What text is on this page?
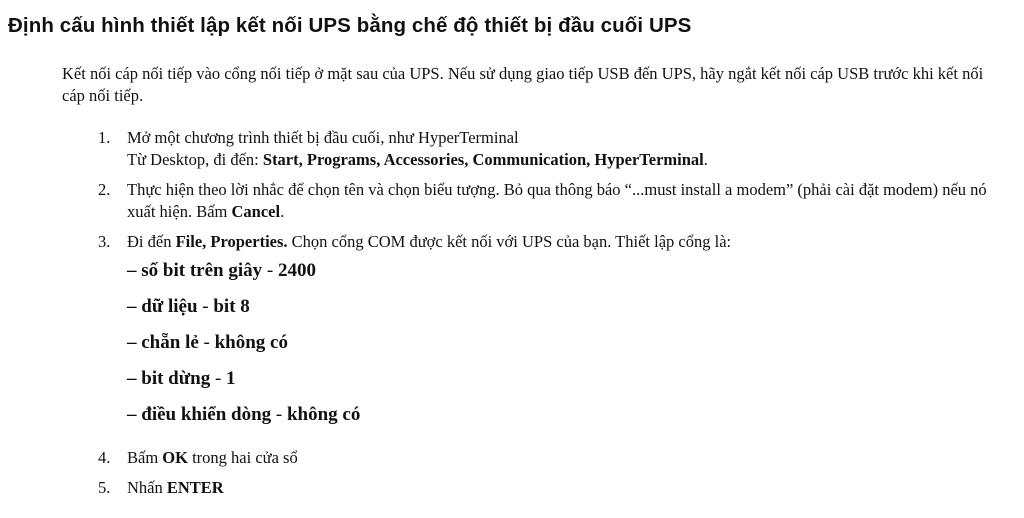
Định cấu hình thiết lập kết nối UPS bằng chế độ thiết bị đầu cuối UPS

Kết nối cáp nối tiếp vào cổng nối tiếp ở mặt sau của UPS. Nếu sử dụng giao tiếp USB đến UPS, hãy ngắt kết nối cáp USB trước khi kết nối cáp nối tiếp.

1.	Mở một chương trình thiết bị đầu cuối, như HyperTerminal
Từ Desktop, đi đến: Start, Programs, Accessories, Communication, HyperTerminal.
2.	Thực hiện theo lời nhắc để chọn tên và chọn biểu tượng. Bỏ qua thông báo “...must install a modem” (phải cài đặt modem) nếu nó xuất hiện. Bấm Cancel.
3.	Đi đến File, Properties. Chọn cổng COM được kết nối với UPS của bạn. Thiết lập cổng là:
– số bit trên giây - 2400
– dữ liệu - bit 8
– chẵn lẻ - không có
– bit dừng - 1
– điều khiển dòng - không có
4.	Bấm OK trong hai cửa sổ
5.	Nhấn ENTER
